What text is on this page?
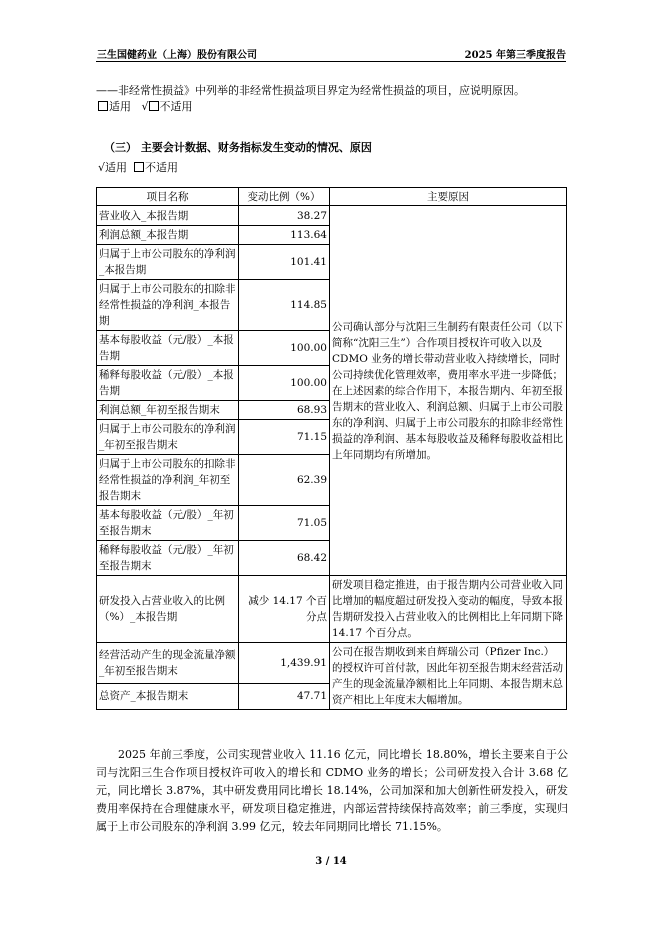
三生国健药业（上海）股份有限公司	2025 年第三季度报告
——非经常性损益》中列举的非经常性损益项目界定为经常性损益的项目，应说明原因。
适用 √ 不适用
（三） 主要会计数据、财务指标发生变动的情况、原因
√适用 不适用
项目名称	变动比例（%）	主要原因
营业收入_本报告期	38.27	公司确认部分与沈阳三生制药有限责任公司（以下简称“沈阳三生”）合作项目授权许可收入以及 CDMO 业务的增长带动营业收入持续增长，同时公司持续优化管理效率，费用率水平进一步降低；在上述因素的综合作用下，本报告期内、年初至报告期末的营业收入、利润总额、归属于上市公司股东的净利润、归属于上市公司股东的扣除非经常性损益的净利润、基本每股收益及稀释每股收益相比上年同期均有所增加。
利润总额_本报告期	113.64	
归属于上市公司股东的净利润_本报告期	101.41	
归属于上市公司股东的扣除非经常性损益的净利润_本报告期	114.85	
基本每股收益（元/股）_本报告期	100.00	
稀释每股收益（元/股）_本报告期	100.00	
利润总额_年初至报告期末	68.93	
归属于上市公司股东的净利润_年初至报告期末	71.15	
归属于上市公司股东的扣除非经常性损益的净利润_年初至报告期末	62.39	
基本每股收益（元/股）_年初至报告期末	71.05	
稀释每股收益（元/股）_年初至报告期末	68.42	
研发投入占营业收入的比例（%）_本报告期	减少 14.17 个百分点	研发项目稳定推进，由于报告期内公司营业收入同比增加的幅度超过研发投入变动的幅度，导致本报告期研发投入占营业收入的比例相比上年同期下降 14.17 个百分点。
经营活动产生的现金流量净额_年初至报告期末	1,439.91	公司在报告期收到来自辉瑞公司（Pfizer Inc.）的授权许可首付款，因此年初至报告期末经营活动产生的现金流量净额相比上年同期、本报告期末总资产相比上年度末大幅增加。
总资产_本报告期末	47.71	
2025 年前三季度，公司实现营业收入 11.16 亿元，同比增长 18.80%，增长主要来自于公司与沈阳三生合作项目授权许可收入的增长和 CDMO 业务的增长；公司研发投入合计 3.68 亿元，同比增长 3.87%，其中研发费用同比增长 18.14%，公司加深和加大创新性研发投入，研发费用率保持在合理健康水平，研发项目稳定推进，内部运营持续保持高效率；前三季度，实现归属于上市公司股东的净利润 3.99 亿元，较去年同期同比增长 71.15%。
3 / 14
